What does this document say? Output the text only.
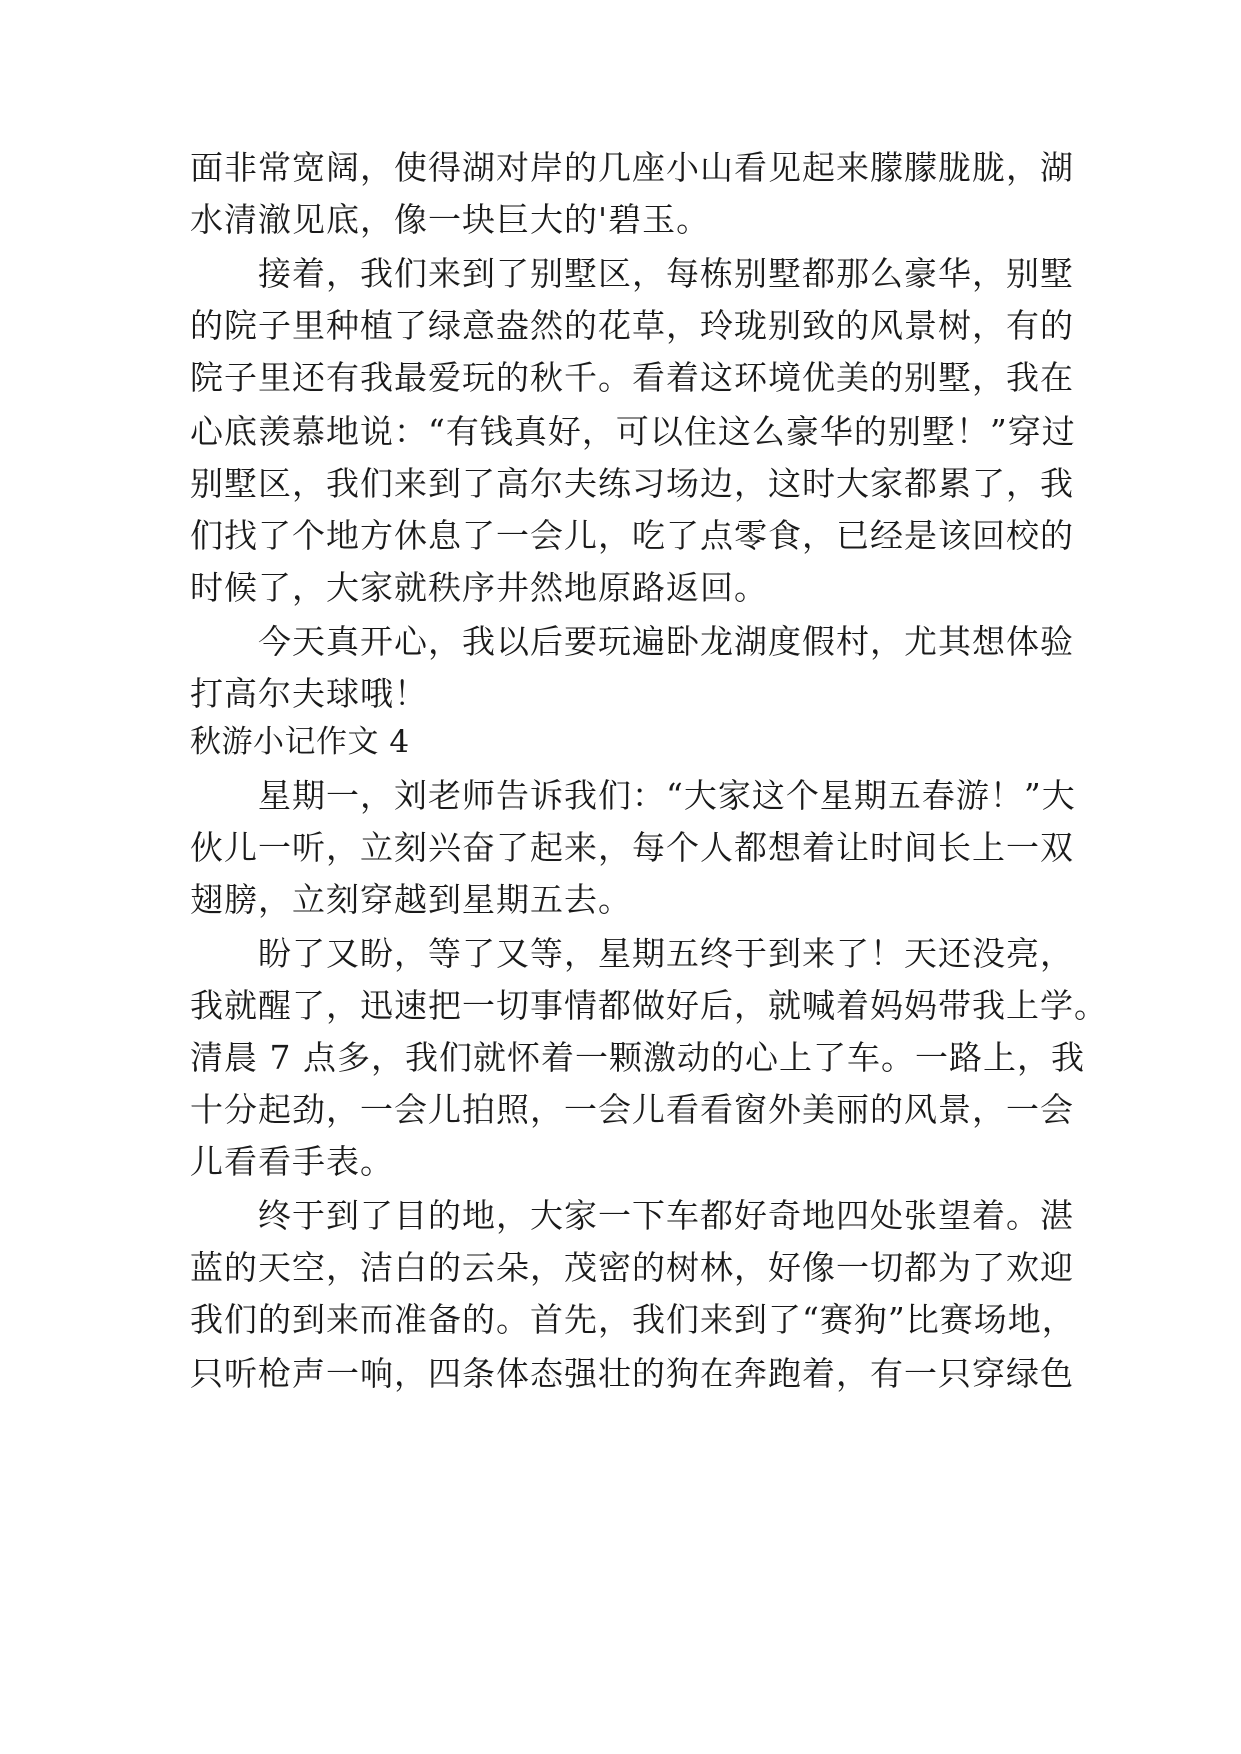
面非常宽阔，使得湖对岸的几座小山看见起来朦朦胧胧，湖
水清澈见底，像一块巨大的'碧玉。
接着，我们来到了别墅区，每栋别墅都那么豪华，别墅
的院子里种植了绿意盎然的花草，玲珑别致的风景树，有的
院子里还有我最爱玩的秋千。看着这环境优美的别墅，我在
心底羡慕地说：“有钱真好，可以住这么豪华的别墅！”穿过
别墅区，我们来到了高尔夫练习场边，这时大家都累了，我
们找了个地方休息了一会儿，吃了点零食，已经是该回校的
时候了，大家就秩序井然地原路返回。
今天真开心，我以后要玩遍卧龙湖度假村，尤其想体验
打高尔夫球哦！
秋游小记作文 4
星期一，刘老师告诉我们：“大家这个星期五春游！”大
伙儿一听，立刻兴奋了起来，每个人都想着让时间长上一双
翅膀，立刻穿越到星期五去。
盼了又盼，等了又等，星期五终于到来了！天还没亮，
我就醒了，迅速把一切事情都做好后，就喊着妈妈带我上学。
清晨 7 点多，我们就怀着一颗激动的心上了车。一路上，我
十分起劲，一会儿拍照，一会儿看看窗外美丽的风景，一会
儿看看手表。
终于到了目的地，大家一下车都好奇地四处张望着。湛
蓝的天空，洁白的云朵，茂密的树林，好像一切都为了欢迎
我们的到来而准备的。首先，我们来到了“赛狗”比赛场地，
只听枪声一响，四条体态强壮的狗在奔跑着，有一只穿绿色
